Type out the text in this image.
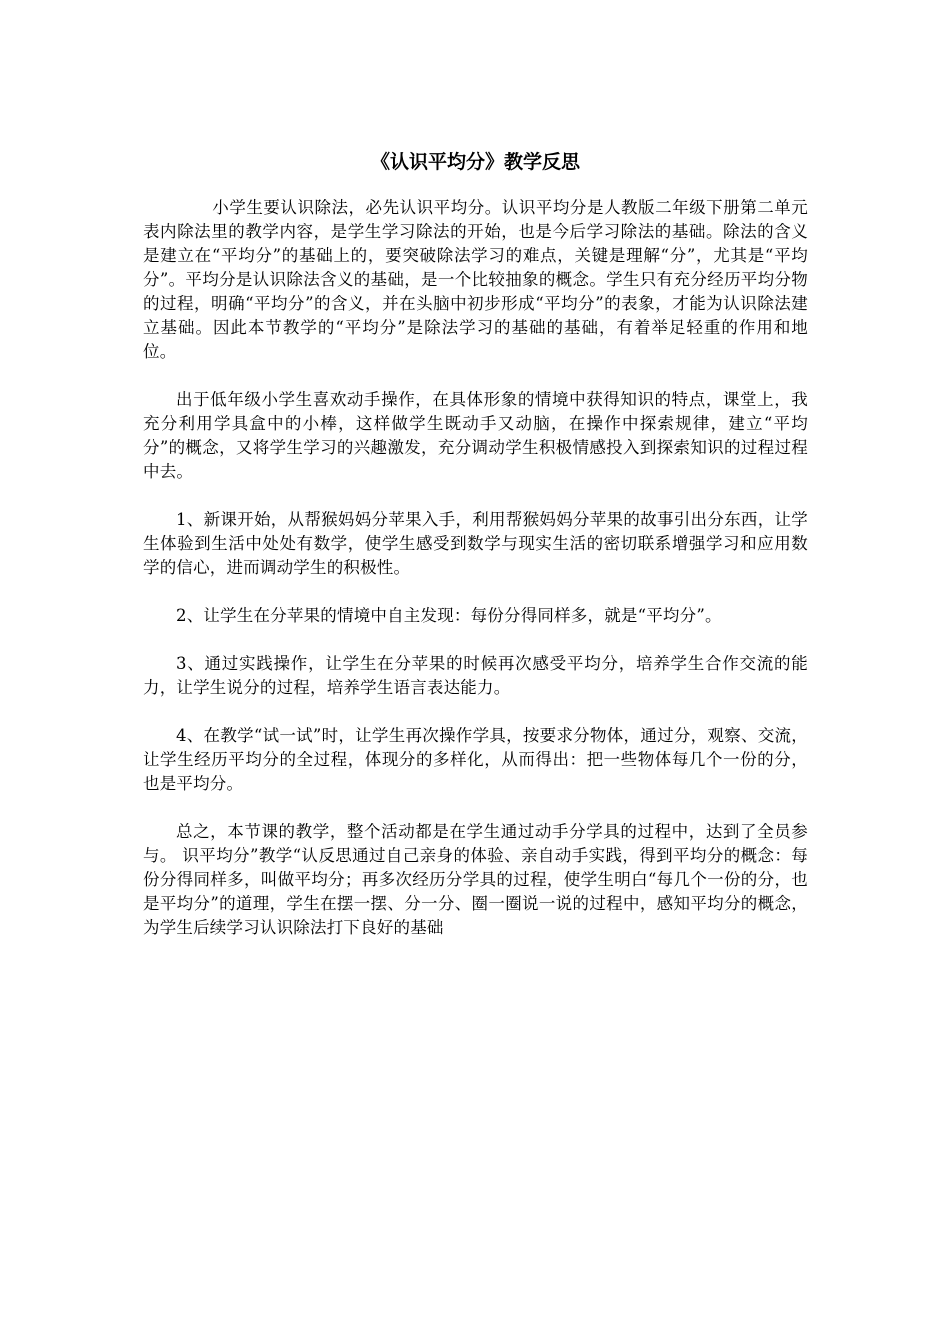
《认识平均分》教学反思

小学生要认识除法，必先认识平均分。认识平均分是人教版二年级下册第二单元表内除法里的教学内容，是学生学习除法的开始，也是今后学习除法的基础。除法的含义是建立在“平均分”的基础上的，要突破除法学习的难点，关键是理解“分”，尤其是“平均分”。平均分是认识除法含义的基础，是一个比较抽象的概念。学生只有充分经历平均分物的过程，明确“平均分”的含义，并在头脑中初步形成“平均分”的表象，才能为认识除法建立基础。因此本节教学的“平均分”是除法学习的基础的基础，有着举足轻重的作用和地位。

出于低年级小学生喜欢动手操作，在具体形象的情境中获得知识的特点，课堂上，我充分利用学具盒中的小棒，这样做学生既动手又动脑，在操作中探索规律，建立“平均分”的概念，又将学生学习的兴趣激发，充分调动学生积极情感投入到探索知识的过程过程中去。

1、新课开始，从帮猴妈妈分苹果入手，利用帮猴妈妈分苹果的故事引出分东西，让学生体验到生活中处处有数学，使学生感受到数学与现实生活的密切联系增强学习和应用数学的信心，进而调动学生的积极性。

2、让学生在分苹果的情境中自主发现：每份分得同样多，就是“平均分”。

3、通过实践操作，让学生在分苹果的时候再次感受平均分，培养学生合作交流的能力，让学生说分的过程，培养学生语言表达能力。

4、在教学“试一试”时，让学生再次操作学具，按要求分物体，通过分，观察、交流，让学生经历平均分的全过程，体现分的多样化，从而得出：把一些物体每几个一份的分，也是平均分。

总之，本节课的教学，整个活动都是在学生通过动手分学具的过程中，达到了全员参与。 识平均分”教学“认反思通过自己亲身的体验、亲自动手实践，得到平均分的概念：每份分得同样多，叫做平均分；再多次经历分学具的过程，使学生明白“每几个一份的分，也是平均分”的道理，学生在摆一摆、分一分、圈一圈说一说的过程中，感知平均分的概念，为学生后续学习认识除法打下良好的基础
